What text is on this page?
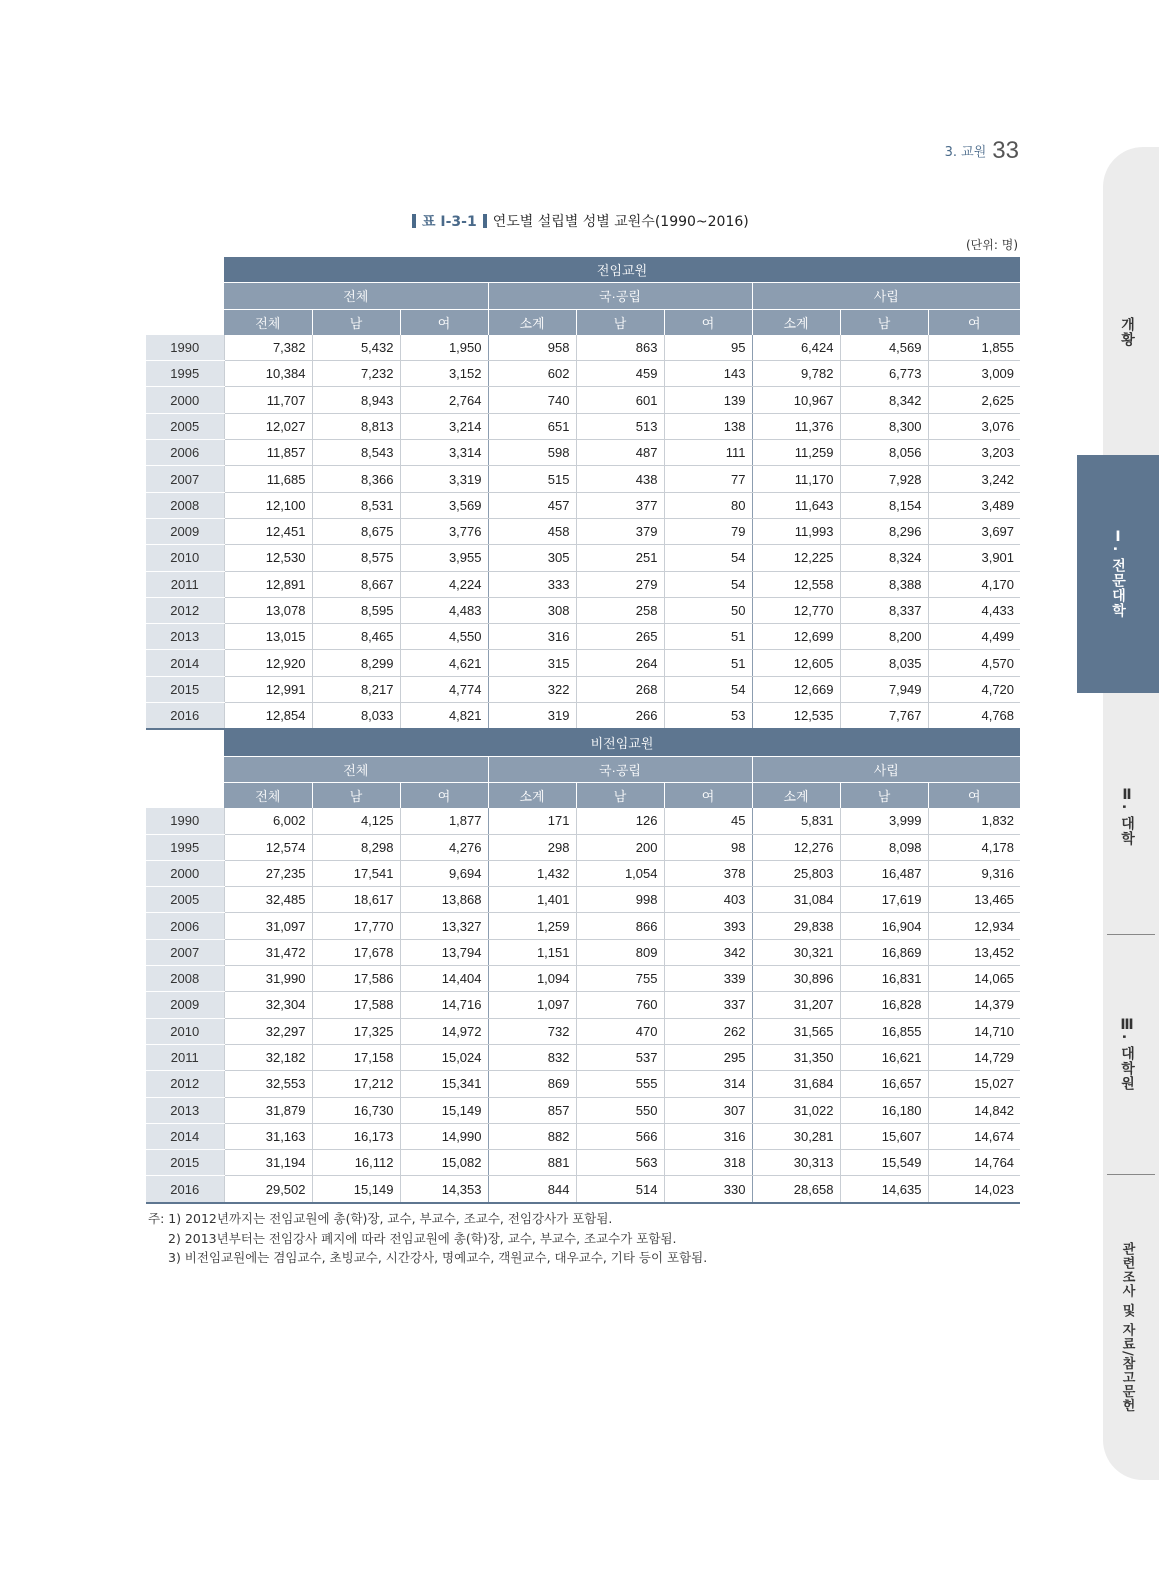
3. 교원 33
표 Ⅰ-3-1 연도별 설립별 성별 교원수(1990~2016)
(단위: 명)
	전임교원								
	전체			국·공립			사립		
	전체	남	여	소계	남	여	소계	남	여
1990	7,382	5,432	1,950	958	863	95	6,424	4,569	1,855
1995	10,384	7,232	3,152	602	459	143	9,782	6,773	3,009
2000	11,707	8,943	2,764	740	601	139	10,967	8,342	2,625
2005	12,027	8,813	3,214	651	513	138	11,376	8,300	3,076
2006	11,857	8,543	3,314	598	487	111	11,259	8,056	3,203
2007	11,685	8,366	3,319	515	438	77	11,170	7,928	3,242
2008	12,100	8,531	3,569	457	377	80	11,643	8,154	3,489
2009	12,451	8,675	3,776	458	379	79	11,993	8,296	3,697
2010	12,530	8,575	3,955	305	251	54	12,225	8,324	3,901
2011	12,891	8,667	4,224	333	279	54	12,558	8,388	4,170
2012	13,078	8,595	4,483	308	258	50	12,770	8,337	4,433
2013	13,015	8,465	4,550	316	265	51	12,699	8,200	4,499
2014	12,920	8,299	4,621	315	264	51	12,605	8,035	4,570
2015	12,991	8,217	4,774	322	268	54	12,669	7,949	4,720
2016	12,854	8,033	4,821	319	266	53	12,535	7,767	4,768
	비전임교원								
	전체			국·공립			사립		
	전체	남	여	소계	남	여	소계	남	여
1990	6,002	4,125	1,877	171	126	45	5,831	3,999	1,832
1995	12,574	8,298	4,276	298	200	98	12,276	8,098	4,178
2000	27,235	17,541	9,694	1,432	1,054	378	25,803	16,487	9,316
2005	32,485	18,617	13,868	1,401	998	403	31,084	17,619	13,465
2006	31,097	17,770	13,327	1,259	866	393	29,838	16,904	12,934
2007	31,472	17,678	13,794	1,151	809	342	30,321	16,869	13,452
2008	31,990	17,586	14,404	1,094	755	339	30,896	16,831	14,065
2009	32,304	17,588	14,716	1,097	760	337	31,207	16,828	14,379
2010	32,297	17,325	14,972	732	470	262	31,565	16,855	14,710
2011	32,182	17,158	15,024	832	537	295	31,350	16,621	14,729
2012	32,553	17,212	15,341	869	555	314	31,684	16,657	15,027
2013	31,879	16,730	15,149	857	550	307	31,022	16,180	14,842
2014	31,163	16,173	14,990	882	566	316	30,281	15,607	14,674
2015	31,194	16,112	15,082	881	563	318	30,313	15,549	14,764
2016	29,502	15,149	14,353	844	514	330	28,658	14,635	14,023
주: 1) 2012년까지는 전임교원에 총(학)장, 교수, 부교수, 조교수, 전임강사가 포함됨.
2) 2013년부터는 전임강사 폐지에 따라 전임교원에 총(학)장, 교수, 부교수, 조교수가 포함됨.
3) 비전임교원에는 겸임교수, 초빙교수, 시간강사, 명예교수, 객원교수, 대우교수, 기타 등이 포함됨.
개황
Ⅰ. 전문대학
Ⅱ. 대학
Ⅲ. 대학원
관련조사 및 자료/참고문헌
